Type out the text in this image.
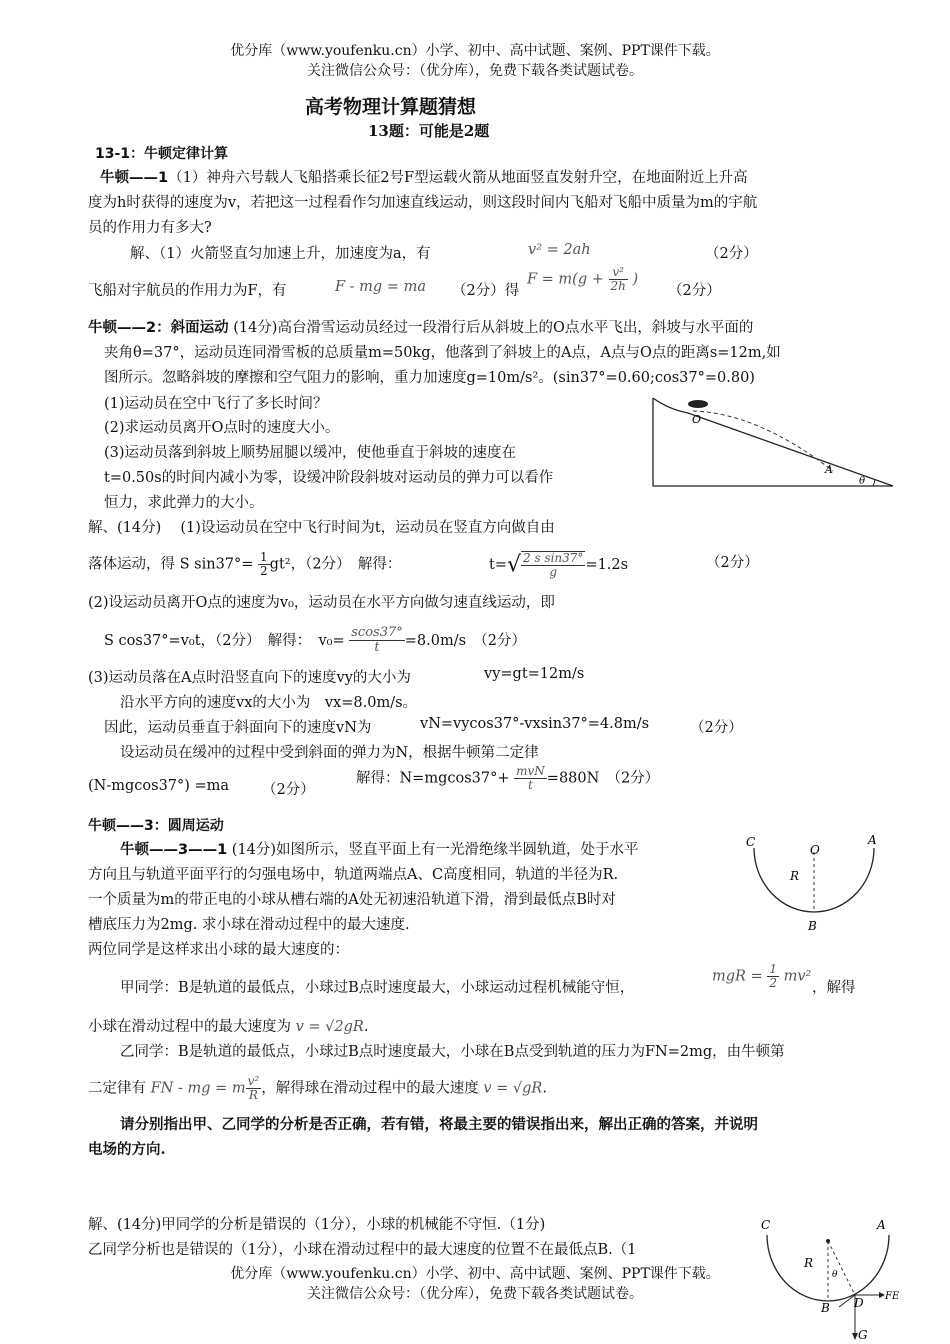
优分库（www.youfenku.cn）小学、初中、高中试题、案例、PPT课件下载。
关注微信公众号：（优分库），免费下载各类试题试卷。
高考物理计算题猜想
13题：可能是2题
13-1：牛顿定律计算
牛顿——1（1）神舟六号载人飞船搭乘长征2号F型运载火箭从地面竖直发射升空，在地面附近上升高
度为h时获得的速度为v，若把这一过程看作匀加速直线运动，则这段时间内飞船对飞船中质量为m的宇航
员的作用力有多大?
解、（1）火箭竖直匀加速上升，加速度为a，有	v² = 2ah	（2分）
飞船对宇航员的作用力为F，有	F - mg = ma （2分）得
$F = m(g + \frac{\text{v²}}{2h}$ )
（2分）
牛顿——2：斜面运动 (14分)高台滑雪运动员经过一段滑行后从斜坡上的O点水平飞出，斜坡与水平面的
夹角θ=37°，运动员连同滑雪板的总质量m=50kg，他落到了斜坡上的A点，A点与O点的距离s=12m,如
图所示。忽略斜坡的摩擦和空气阻力的影响，重力加速度g=10m/s²。(sin37°=0.60;cos37°=0.80)
(1)运动员在空中飞行了多长时间？
(2)求运动员离开O点时的速度大小。
(3)运动员落到斜坡上顺势屈腿以缓冲，使他垂直于斜坡的速度在
t=0.50s的时间内减小为零，设缓冲阶段斜坡对运动员的弹力可以看作
恒力，求此弹力的大小。
O
A
θ
解、(14分)　 (1)设运动员在空中飞行时间为t，运动员在竖直方向做自由
落体运动，得 S $\sin 37^\circ= \frac{1}{2} gt^2$，（2分）　解得：	$t=√ \frac{\text{2 s sin37°}}{g} =1.2s$	（2分）
(2)设运动员离开O点的速度为v₀，运动员在水平方向做匀速直线运动，即
S cos37°=v₀t，（2分）　解得：　$v_0= \frac{scos37^\circ}{t} =8.0m/s$　（2分）
(3)运动员落在A点时沿竖直向下的速度vy的大小为	vy=gt=12m/s
沿水平方向的速度vx的大小为　vx=8.0m/s。
因此，运动员垂直于斜面向下的速度vN为	vN=vycos37°-vxsin37°=4.8m/s	（2分）
设运动员在缓冲的过程中受到斜面的弹力为N，根据牛顿第二定律
(N-mgcos37°) =ma （2分）
解得：$N=mgcos37^\circ+ \frac{\text{mvN}}{t} =880N$　（2分）
牛顿——3：圆周运动
牛顿——3——1 (14分)如图所示，竖直平面上有一光滑绝缘半圆轨道，处于水平
方向且与轨道平面平行的匀强电场中，轨道两端点A、C高度相同，轨道的半径为R.
一个质量为m的带正电的小球从槽右端的A处无初速沿轨道下滑，滑到最低点B时对
槽底压力为2mg. 求小球在滑动过程中的最大速度.
两位同学是这样求出小球的最大速度的：
C
O
A
R
B
甲同学：B是轨道的最低点，小球过B点时速度最大，小球运动过程机械能守恒，
mgR = $\frac{1}{2} mv^2$
，解得
小球在滑动过程中的最大速度为 v = √2gR.
乙同学：B是轨道的最低点，小球过B点时速度最大，小球在B点受到轨道的压力为FN=2mg，由牛顿第
二定律有 FN - mg = m $\frac{\text{v²}}{R}$ ，解得球在滑动过程中的最大速度 v = √gR.
请分别指出甲、乙同学的分析是否正确，若有错，将最主要的错误指出来，解出正确的答案，并说明
电场的方向.
解、(14分)甲同学的分析是错误的（1分），小球的机械能不守恒.（1分)
乙同学分析也是错误的（1分），小球在滑动过程中的最大速度的位置不在最低点B.（1
C	A
R
θ
B D FE
G
优分库（www.youfenku.cn）小学、初中、高中试题、案例、PPT课件下载。
关注微信公众号：（优分库），免费下载各类试题试卷。
